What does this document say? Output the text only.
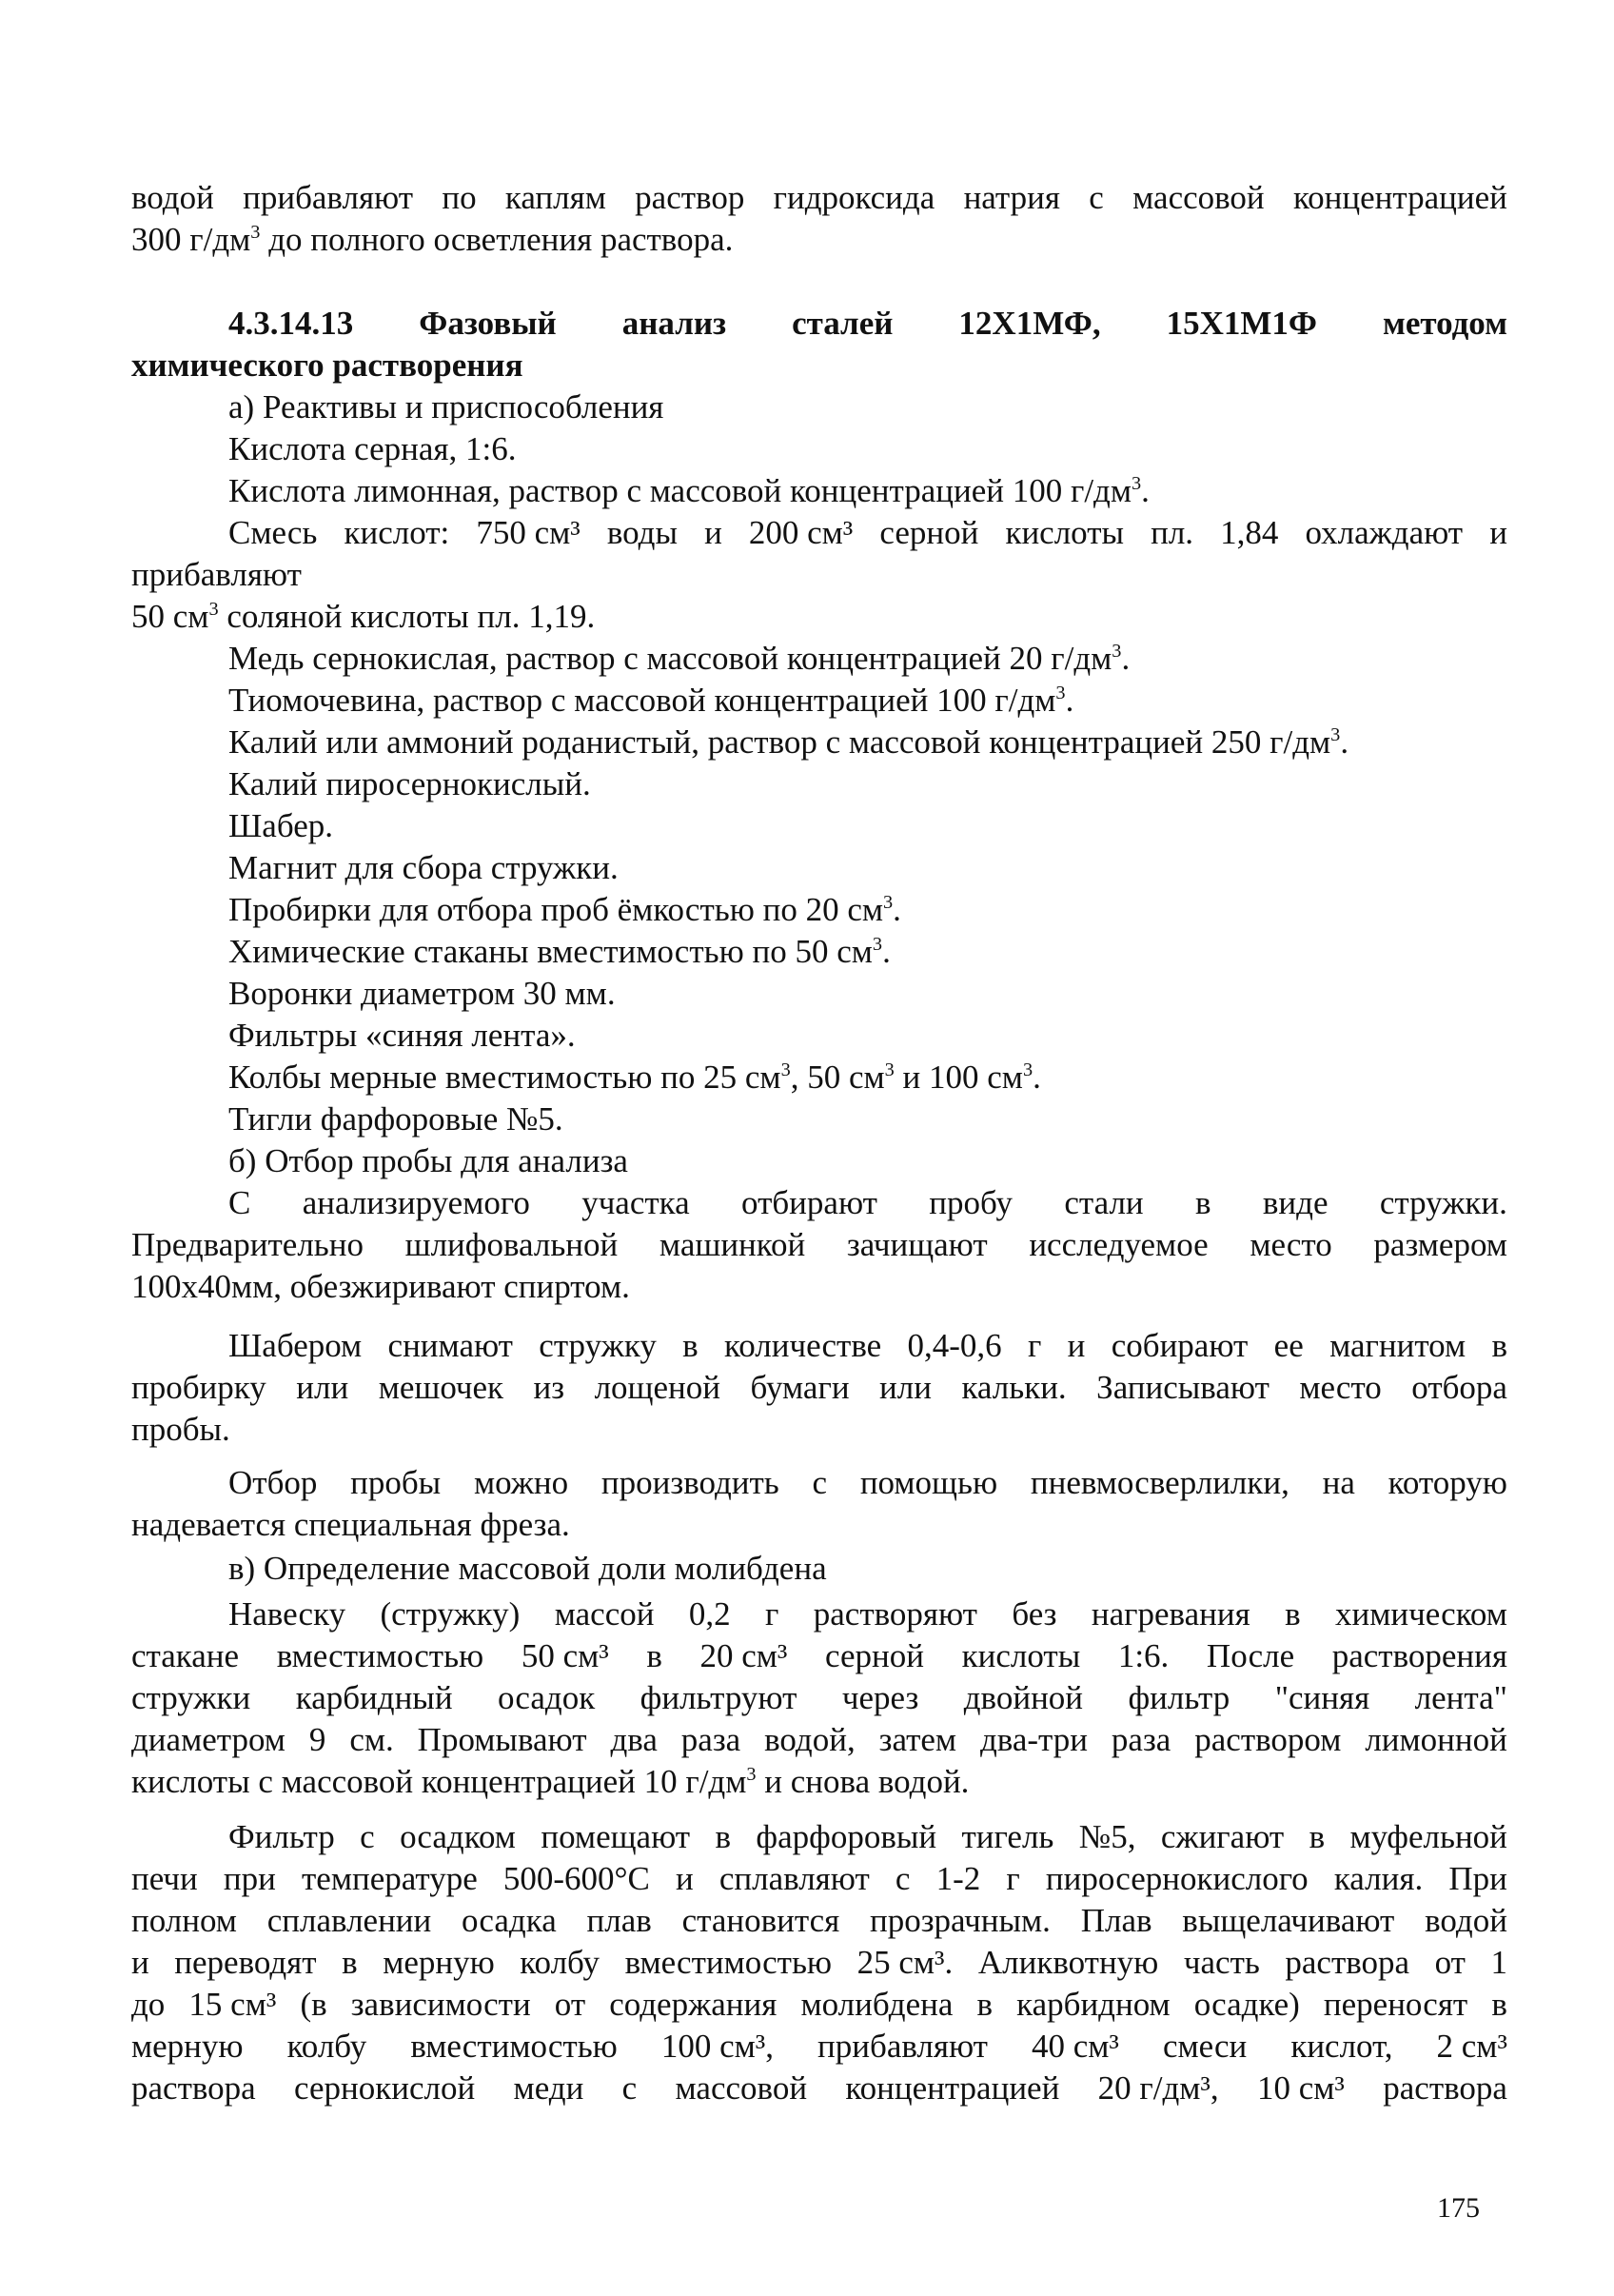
водой прибавляют по каплям раствор гидроксида натрия с массовой концентрацией
300 $г/дм^3$ до полного осветления раствора.
4.3.14.13 Фазовый анализ сталей 12Х1МФ, 15Х1М1Ф методом
химического растворения
а) Реактивы и приспособления
Кислота серная, 1:6.
Кислота лимонная, раствор с массовой концентрацией 100 $г/дм^3$.
Смесь кислот: 750 см³ воды и 200 см³ серной кислоты пл. 1,84 охлаждают и
прибавляют
50 $см^3$ соляной кислоты пл. 1,19.
Медь сернокислая, раствор с массовой концентрацией 20 $г/дм^3$.
Тиомочевина, раствор с массовой концентрацией 100 $г/дм^3$.
Калий или аммоний роданистый, раствор с массовой концентрацией 250 $г/дм^3$.
Калий пиросернокислый.
Шабер.
Магнит для сбора стружки.
Пробирки для отбора проб ёмкостью по 20 $см^3$.
Химические стаканы вместимостью по 50 $см^3$.
Воронки диаметром 30 мм.
Фильтры «синяя лента».
Колбы мерные вместимостью по 25 $см^3$, 50 $см^3$ и 100 $см^3$.
Тигли фарфоровые №5.
б) Отбор пробы для анализа
С анализируемого участка отбирают пробу стали в виде стружки.
Предварительно шлифовальной машинкой зачищают исследуемое место размером
100х40мм, обезжиривают спиртом.
Шабером снимают стружку в количестве 0,4-0,6 г и собирают ее магнитом в
пробирку или мешочек из лощеной бумаги или кальки. Записывают место отбора
пробы.
Отбор пробы можно производить с помощью пневмосверлилки, на которую
надевается специальная фреза.
в) Определение массовой доли молибдена
Навеску (стружку) массой 0,2 г растворяют без нагревания в химическом
стакане вместимостью 50 см³ в 20 см³ серной кислоты 1:6. После растворения
стружки карбидный осадок фильтруют через двойной фильтр "синяя лента"
диаметром 9 см. Промывают два раза водой, затем два-три раза раствором лимонной
кислоты с массовой концентрацией 10 $г/дм^3$ и снова водой.
Фильтр с осадком помещают в фарфоровый тигель №5, сжигают в муфельной
печи при температуре 500-600°С и сплавляют с 1-2 г пиросернокислого калия. При
полном сплавлении осадка плав становится прозрачным. Плав выщелачивают водой
и переводят в мерную колбу вместимостью 25 см³. Аликвотную часть раствора от 1
до 15 см³ (в зависимости от содержания молибдена в карбидном осадке) переносят в
мерную колбу вместимостью 100 см³, прибавляют 40 см³ смеси кислот, 2 см³
раствора сернокислой меди с массовой концентрацией 20 г/дм³, 10 см³ раствора
175
